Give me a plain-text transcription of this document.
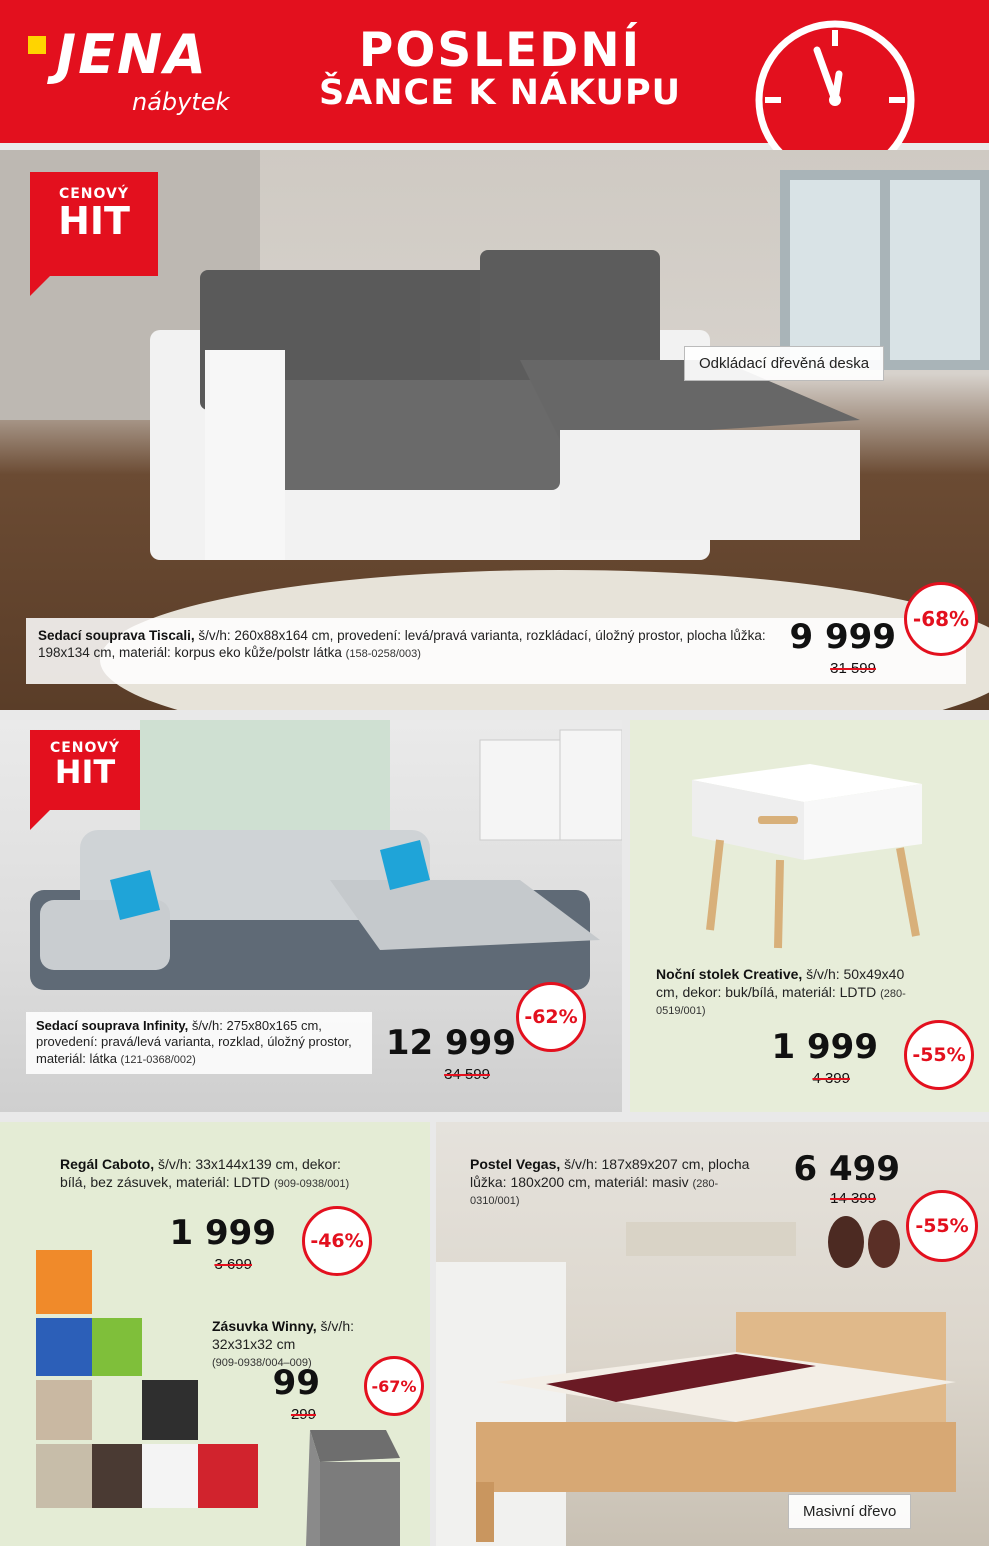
JENA
nábytek
POSLEDNÍ
ŠANCE K NÁKUPU
CENOVÝ
HIT
Odkládací dřevěná deska
Sedací souprava Tiscali, š/v/h: 260x88x164 cm, provedení: levá/pravá varianta, rozkládací, úložný prostor, plocha lůžka: 198x134 cm, materiál: korpus eko kůže/polstr látka (158-0258/003)	9 999
31 599
-68%
CENOVÝ
HIT
Sedací souprava Infinity, š/v/h: 275x80x165 cm, provedení: pravá/levá varianta, rozklad, úložný prostor, materiál: látka (121-0368/002)	12 999
34 599
-62%
Noční stolek Creative, š/v/h: 50x49x40 cm, dekor: buk/bílá, materiál: LDTD (280-0519/001)
1 999
4 399
-55%
Regál Caboto, š/v/h: 33x144x139 cm, dekor: bílá, bez zásuvek, materiál: LDTD (909-0938/001)
1 999
3 699
-46%
Zásuvka Winny, š/v/h: 32x31x32 cm
(909-0938/004–009)
99
299
-67%
Postel Vegas, š/v/h: 187x89x207 cm, plocha lůžka: 180x200 cm, materiál: masiv (280-0310/001)
6 499
14 399
-55%
Masivní dřevo
